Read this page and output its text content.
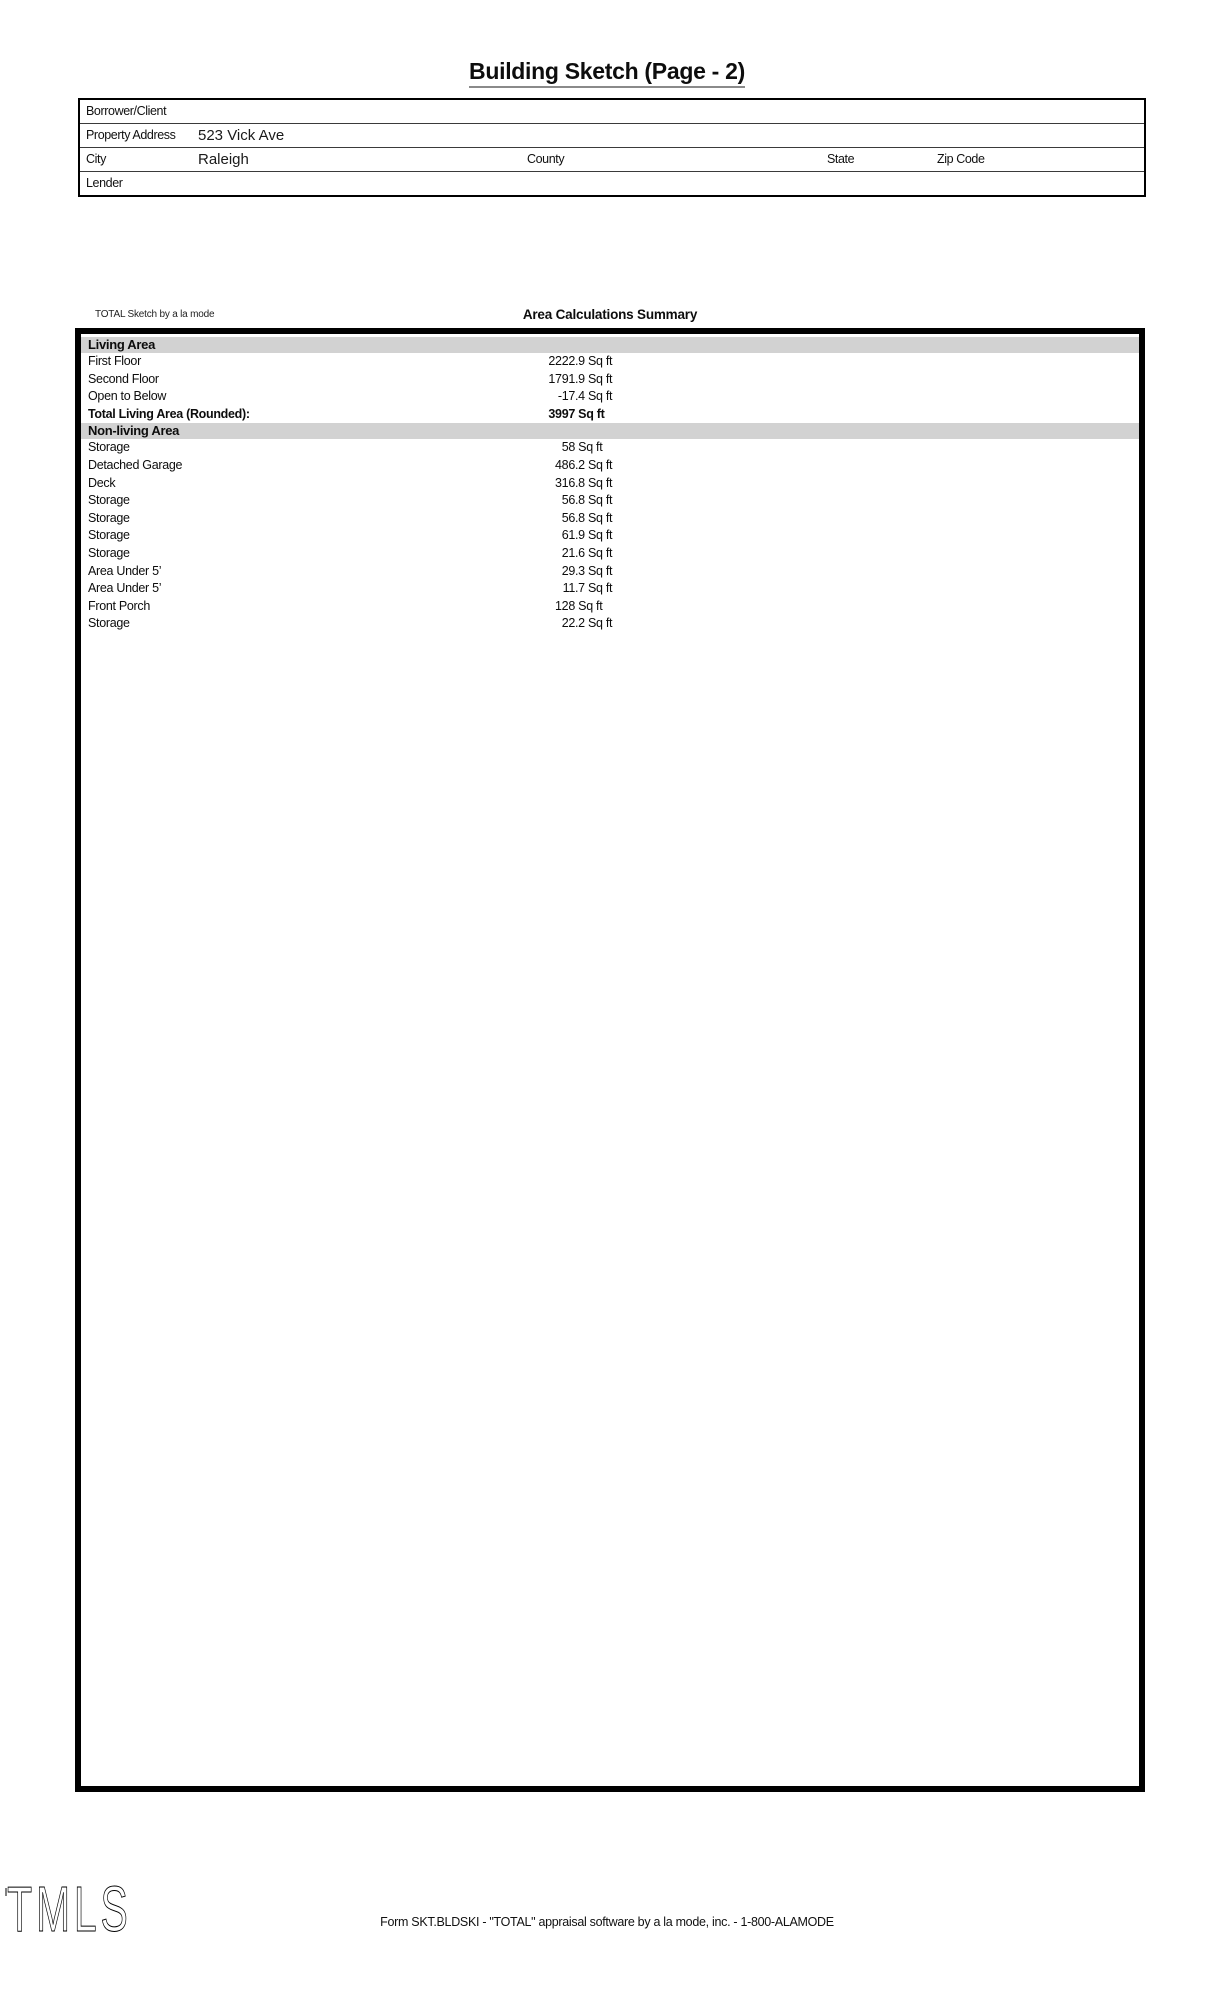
Building Sketch (Page - 2)
Borrower/Client
Property Address 523 Vick Ave
City	Raleigh	County	State	Zip Code
Lender
TOTAL Sketch by a la mode	Area Calculations Summary
Living Area
First Floor	2222 .9 Sq ft
Second Floor	1791 .9 Sq ft
Open to Below	-17 .4 Sq ft
Total Living Area (Rounded):	3997 Sq ft
Non-living Area
Storage	58 Sq ft
Detached Garage	486 .2 Sq ft
Deck	316 .8 Sq ft
Storage	56 .8 Sq ft
Storage	56 .8 Sq ft
Storage	61 .9 Sq ft
Storage	21 .6 Sq ft
Area Under 5’	29 .3 Sq ft
Area Under 5’	11 .7 Sq ft
Front Porch	128 Sq ft
Storage	22 .2 Sq ft
TMLS	Form SKT.BLDSKI - "TOTAL" appraisal software by a la mode, inc. - 1-800-ALAMODE
